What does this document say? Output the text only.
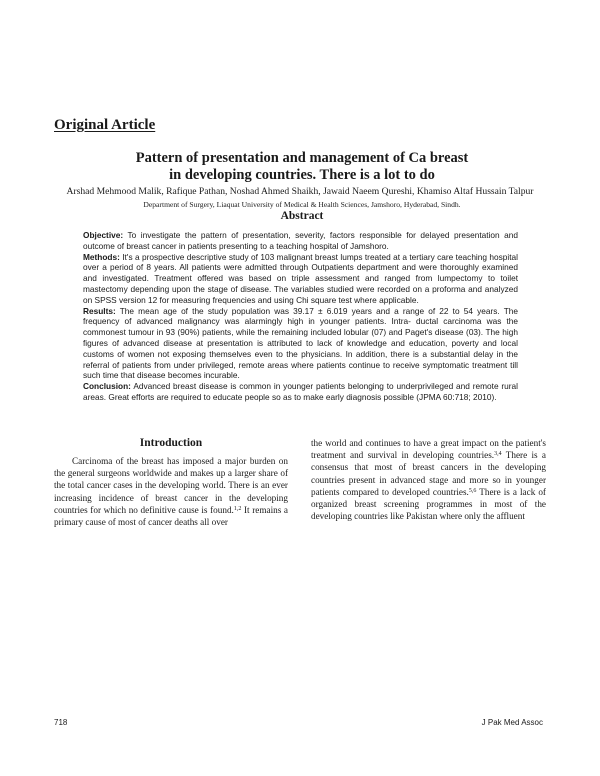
Original Article
Pattern of presentation and management of Ca breast
in developing countries. There is a lot to do
Arshad Mehmood Malik, Rafique Pathan, Noshad Ahmed Shaikh, Jawaid Naeem Qureshi, Khamiso Altaf Hussain Talpur
Department of Surgery, Liaquat University of Medical & Health Sciences, Jamshoro, Hyderabad, Sindh.
Abstract

Objective: To investigate the pattern of presentation, severity, factors responsible for delayed presentation and outcome of breast cancer in patients presenting to a teaching hospital of Jamshoro.

Methods: It's a prospective descriptive study of 103 malignant breast lumps treated at a tertiary care teaching hospital over a period of 8 years. All patients were admitted through Outpatients department and were thoroughly examined and investigated. Treatment offered was based on triple assessment and ranged from lumpectomy to toilet mastectomy depending upon the stage of disease. The variables studied were recorded on a proforma and analyzed on SPSS version 12 for measuring frequencies and using Chi square test where applicable.

Results: The mean age of the study population was 39.17 ± 6.019 years and a range of 22 to 54 years. The frequency of advanced malignancy was alarmingly high in younger patients. Intra- ductal carcinoma was the commonest tumour in 93 (90%) patients, while the remaining included lobular (07) and Paget's disease (03). The high figures of advanced disease at presentation is attributed to lack of knowledge and education, poverty and local customs of women not exposing themselves even to the physicians. In addition, there is a substantial delay in the referral of patients from under privileged, remote areas where patients continue to receive symptomatic treatment till such time that disease becomes incurable.

Conclusion: Advanced breast disease is common in younger patients belonging to underprivileged and remote rural areas. Great efforts are required to educate people so as to make early diagnosis possible (JPMA 60:718; 2010).

Introduction

Carcinoma of the breast has imposed a major burden on the general surgeons worldwide and makes up a larger share of the total cancer cases in the developing world. There is an ever increasing incidence of breast cancer in the developing countries for which no definitive cause is found.$^{1,2}$ It remains a primary cause of most of cancer deaths all over

the world and continues to have a great impact on the patient's treatment and survival in developing countries.$^{3,4}$ There is a consensus that most of breast cancers in the developing countries present in advanced stage and more so in younger patients compared to developed countries.$^{5,6}$ There is a lack of organized breast screening programmes in most of the developing countries like Pakistan where only the affluent

718	J Pak Med Assoc
